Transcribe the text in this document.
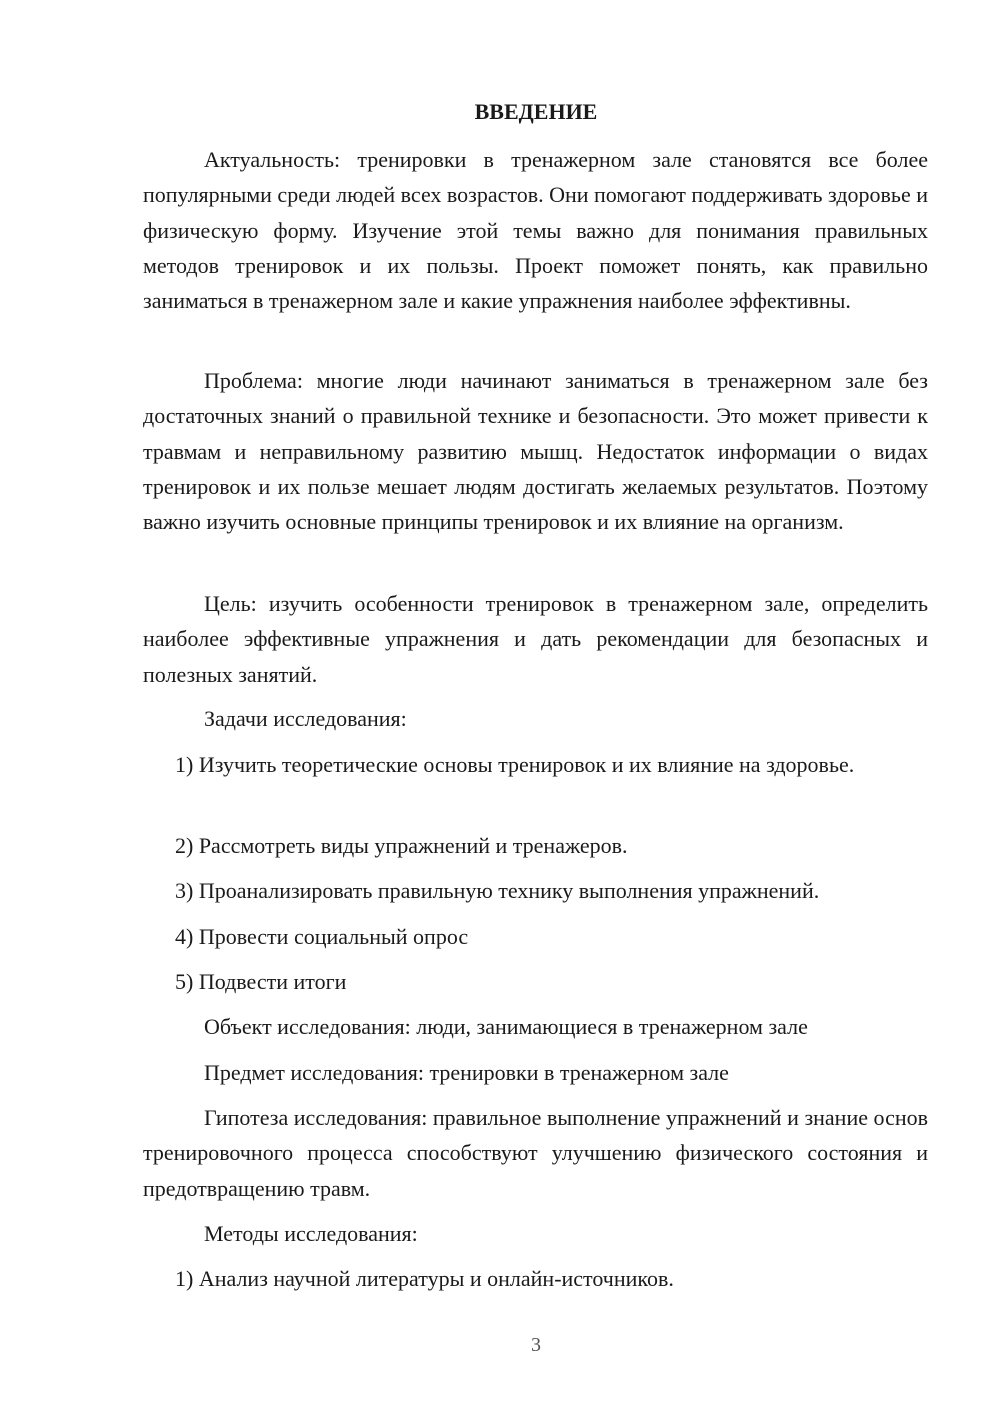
ВВЕДЕНИЕ

Актуальность: тренировки в тренажерном зале становятся все более популярными среди людей всех возрастов. Они помогают поддерживать здоровье и физическую форму. Изучение этой темы важно для понимания правильных методов тренировок и их пользы. Проект поможет понять, как правильно заниматься в тренажерном зале и какие упражнения наиболее эффективны.

Проблема: многие люди начинают заниматься в тренажерном зале без достаточных знаний о правильной технике и безопасности. Это может привести к травмам и неправильному развитию мышц. Недостаток информации о видах тренировок и их пользе мешает людям достигать желаемых результатов. Поэтому важно изучить основные принципы тренировок и их влияние на организм.

Цель: изучить особенности тренировок в тренажерном зале, определить наиболее эффективные упражнения и дать рекомендации для безопасных и полезных занятий.

Задачи исследования:

1) Изучить теоретические основы тренировок и их влияние на здоровье.

2) Рассмотреть виды упражнений и тренажеров.

3) Проанализировать правильную технику выполнения упражнений.

4) Провести социальный опрос

5) Подвести итоги

Объект исследования: люди, занимающиеся в тренажерном зале

Предмет исследования: тренировки в тренажерном зале

Гипотеза исследования: правильное выполнение упражнений и знание основ тренировочного процесса способствуют улучшению физического состояния и предотвращению травм.

Методы исследования:

1) Анализ научной литературы и онлайн-источников.

3
